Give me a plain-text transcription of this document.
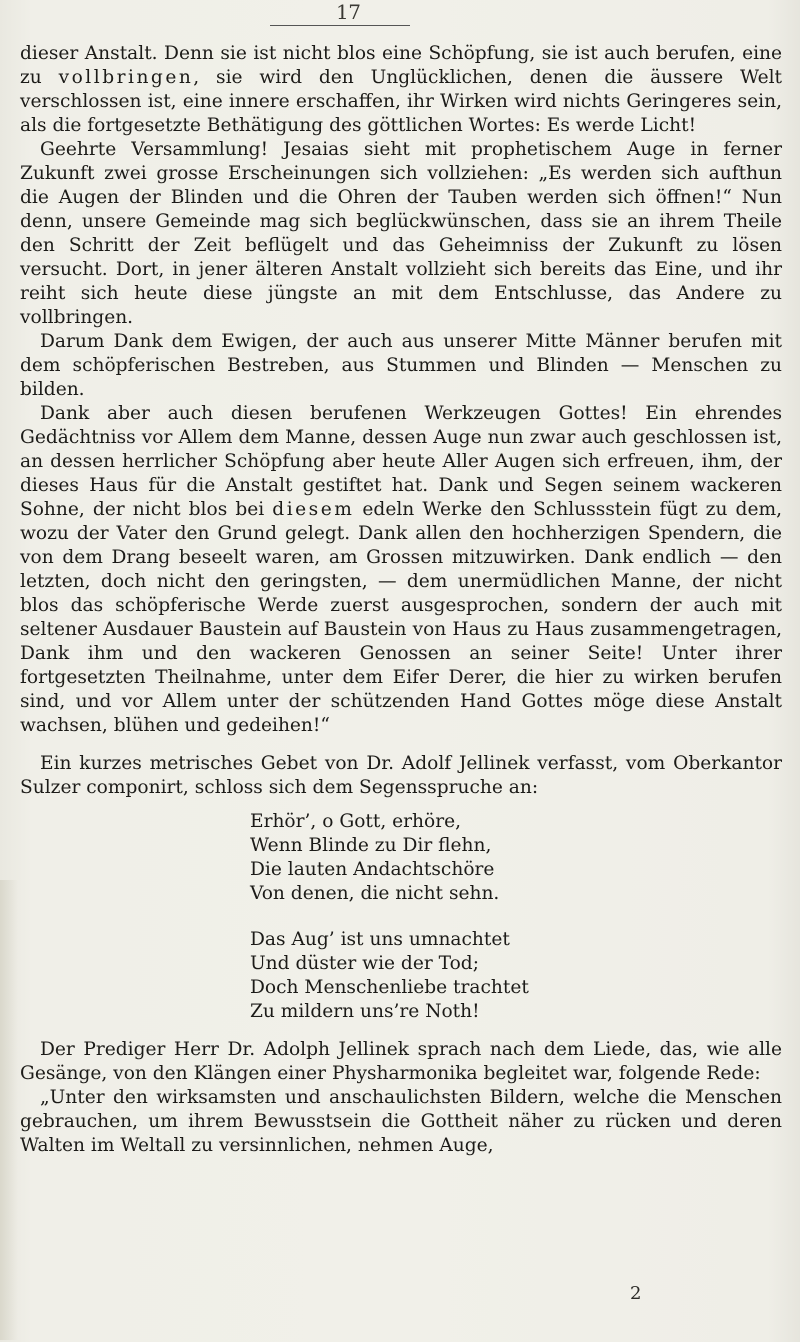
17

dieser Anstalt. Denn sie ist nicht blos eine Schöpfung, sie ist auch berufen, eine zu vollbringen, sie wird den Unglücklichen, denen die äussere Welt verschlossen ist, eine innere erschaffen, ihr Wirken wird nichts Geringeres sein, als die fortgesetzte Bethätigung des göttlichen Wortes: Es werde Licht!

Geehrte Versammlung! Jesaias sieht mit prophetischem Auge in ferner Zukunft zwei grosse Erscheinungen sich vollziehen: „Es werden sich aufthun die Augen der Blinden und die Ohren der Tauben werden sich öffnen!“ Nun denn, unsere Gemeinde mag sich beglückwünschen, dass sie an ihrem Theile den Schritt der Zeit beflügelt und das Geheimniss der Zukunft zu lösen versucht. Dort, in jener älteren Anstalt vollzieht sich bereits das Eine, und ihr reiht sich heute diese jüngste an mit dem Entschlusse, das Andere zu vollbringen.

Darum Dank dem Ewigen, der auch aus unserer Mitte Männer berufen mit dem schöpferischen Bestreben, aus Stummen und Blinden — Menschen zu bilden.

Dank aber auch diesen berufenen Werkzeugen Gottes! Ein ehrendes Gedächtniss vor Allem dem Manne, dessen Auge nun zwar auch geschlossen ist, an dessen herrlicher Schöpfung aber heute Aller Augen sich erfreuen, ihm, der dieses Haus für die Anstalt gestiftet hat. Dank und Segen seinem wackeren Sohne, der nicht blos bei diesem edeln Werke den Schlussstein fügt zu dem, wozu der Vater den Grund gelegt. Dank allen den hochherzigen Spendern, die von dem Drang beseelt waren, am Grossen mitzuwirken. Dank endlich — den letzten, doch nicht den geringsten, — dem unermüdlichen Manne, der nicht blos das schöpferische Werde zuerst ausgesprochen, sondern der auch mit seltener Ausdauer Baustein auf Baustein von Haus zu Haus zusammengetragen, Dank ihm und den wackeren Genossen an seiner Seite! Unter ihrer fortgesetzten Theilnahme, unter dem Eifer Derer, die hier zu wirken berufen sind, und vor Allem unter der schützenden Hand Gottes möge diese Anstalt wachsen, blühen und gedeihen!“

Ein kurzes metrisches Gebet von Dr. Adolf Jellinek verfasst, vom Oberkantor Sulzer componirt, schloss sich dem Segensspruche an:

Erhör’, o Gott, erhöre,
Wenn Blinde zu Dir flehn,
Die lauten Andachtschöre
Von denen, die nicht sehn.

Das Aug’ ist uns umnachtet
Und düster wie der Tod;
Doch Menschenliebe trachtet
Zu mildern uns’re Noth!

Der Prediger Herr Dr. Adolph Jellinek sprach nach dem Liede, das, wie alle Gesänge, von den Klängen einer Physharmonika begleitet war, folgende Rede:

„Unter den wirksamsten und anschaulichsten Bildern, welche die Menschen gebrauchen, um ihrem Bewusstsein die Gottheit näher zu rücken und deren Walten im Weltall zu versinnlichen, nehmen Auge,

2
